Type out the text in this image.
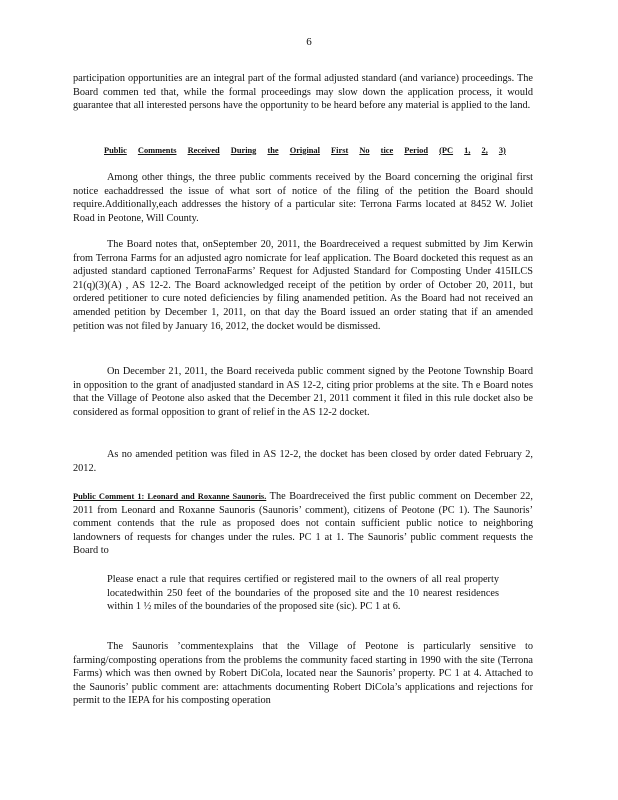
6
participation opportunities are an integral part of the formal adjusted standard (and variance) proceedings. The Board commen ted that, while the formal proceedings may slow down the application process, it would guarantee that all interested persons have the opportunity to be heard before any material is applied to the land.
Public Comments Received During the Original First No tice Period (PC 1, 2, 3)
Among other things, the three public comments received by the Board concerning the original first notice eachaddressed the issue of what sort of notice of the filing of the petition the Board should require.Additionally,each addresses the history of a particular site: Terrona Farms located at 8452 W. Joliet Road in Peotone, Will County.
The Board notes that, onSeptember 20, 2011, the Boardreceived a request submitted by Jim Kerwin from Terrona Farms for an adjusted agro nomicrate for leaf application. The Board docketed this request as an adjusted standard captioned TerronaFarms’ Request for Adjusted Standard for Composting Under 415ILCS 21(q)(3)(A) , AS 12-2. The Board acknowledged receipt of the petition by order of October 20, 2011, but ordered petitioner to cure noted deficiencies by filing anamended petition. As the Board had not received an amended petition by December 1, 2011, on that day the Board issued an order stating that if an amended petition was not filed by January 16, 2012, the docket would be dismissed.
On December 21, 2011, the Board receiveda public comment signed by the Peotone Township Board in opposition to the grant of anadjusted standard in AS 12-2, citing prior problems at the site. Th e Board notes that the Village of Peotone also asked that the December 21, 2011 comment it filed in this rule docket also be considered as formal opposition to grant of relief in the AS 12-2 docket.
As no amended petition was filed in AS 12-2, the docket has been closed by order dated February 2, 2012.
Public Comment 1: Leonard and Roxanne Saunoris. The Boardreceived the first public comment on December 22, 2011 from Leonard and Roxanne Saunoris (Saunoris’ comment), citizens of Peotone (PC 1). The Saunoris’ comment contends that the rule as proposed does not contain sufficient public notice to neighboring landowners of requests for changes under the rules. PC 1 at 1. The Saunoris’ public comment requests the Board to
Please enact a rule that requires certified or registered mail to the owners of all real property locatedwithin 250 feet of the boundaries of the proposed site and the 10 nearest residences within 1 ½ miles of the boundaries of the proposed site (sic). PC 1 at 6.
The Saunoris ’commentexplains that the Village of Peotone is particularly sensitive to farming/composting operations from the problems the community faced starting in 1990 with the site (Terrona Farms) which was then owned by Robert DiCola, located near the Saunoris’ property. PC 1 at 4. Attached to the Saunoris’ public comment are: attachments documenting Robert DiCola’s applications and rejections for permit to the IEPA for his composting operation
